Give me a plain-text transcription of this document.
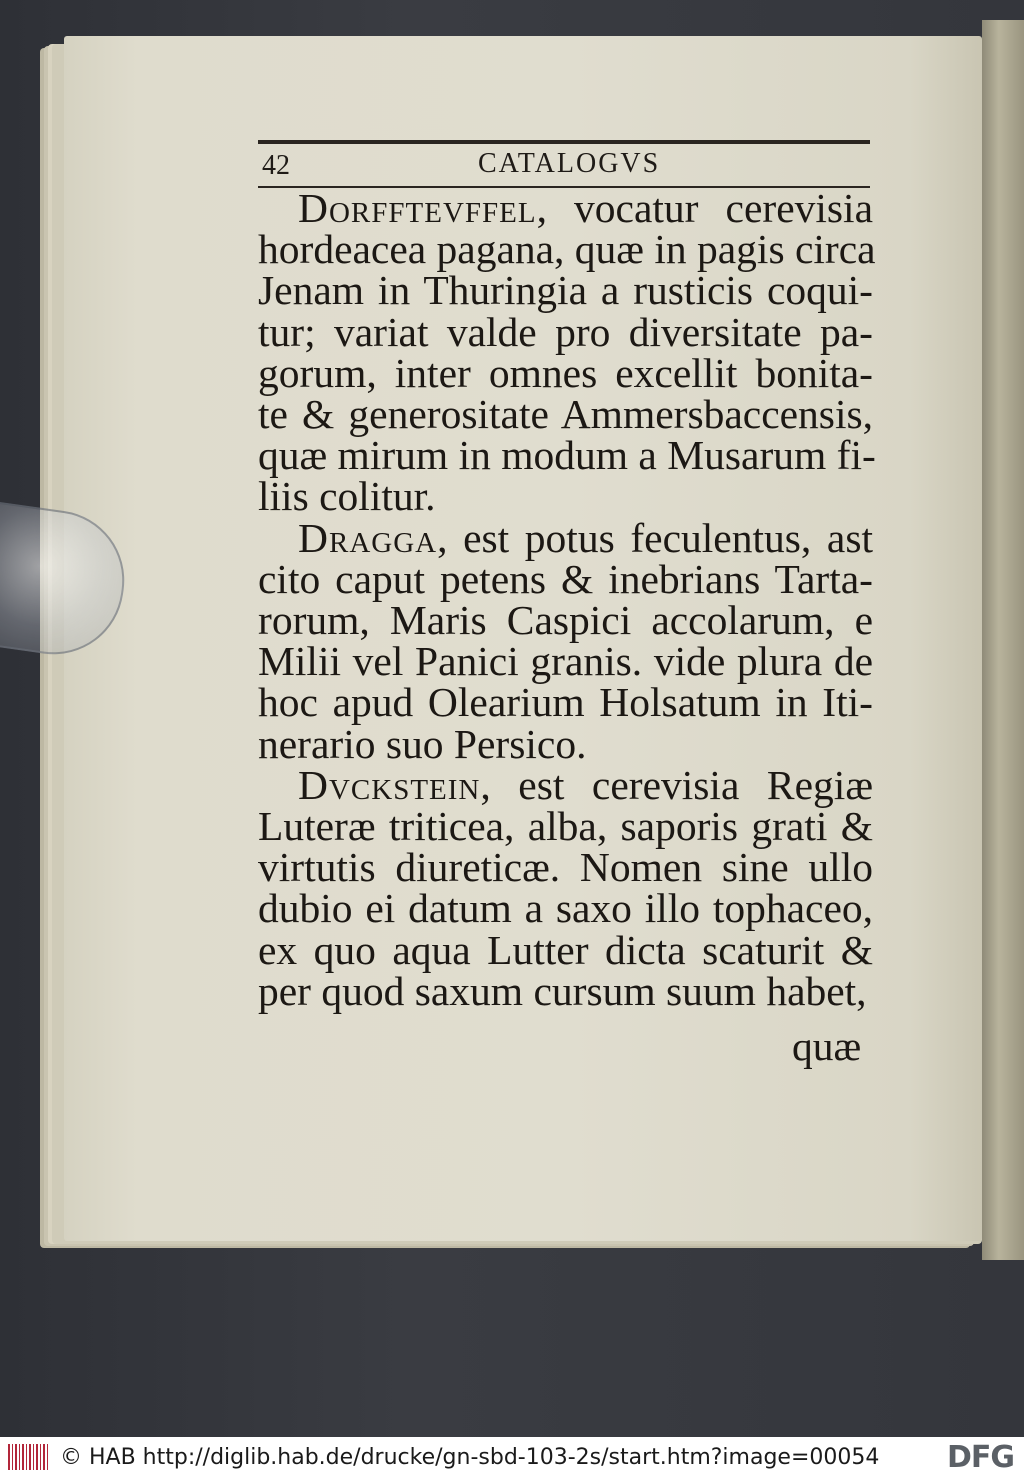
42	CATALOGVS
Dorfftevffel, vocatur cerevisia
hordeacea pagana, quæ in pagis circa
Jenam in Thuringia a rusticis coqui-
tur; variat valde pro diversitate pa-
gorum, inter omnes excellit bonita-
te & generositate Ammersbaccensis,
quæ mirum in modum a Musarum fi-
liis colitur.
Dragga, est potus feculentus, ast
cito caput petens & inebrians Tarta-
rorum, Maris Caspici accolarum, e
Milii vel Panici granis. vide plura de
hoc apud Olearium Holsatum in Iti-
nerario suo Persico.
Dvckstein, est cerevisia Regiæ
Luteræ triticea, alba, saporis grati &
virtutis diureticæ. Nomen sine ullo
dubio ei datum a saxo illo tophaceo,
ex quo aqua Lutter dicta scaturit &
per quod saxum cursum suum habet,
quæ
© HAB http://diglib.hab.de/drucke/gn-sbd-103-2s/start.htm?image=00054	DFG
